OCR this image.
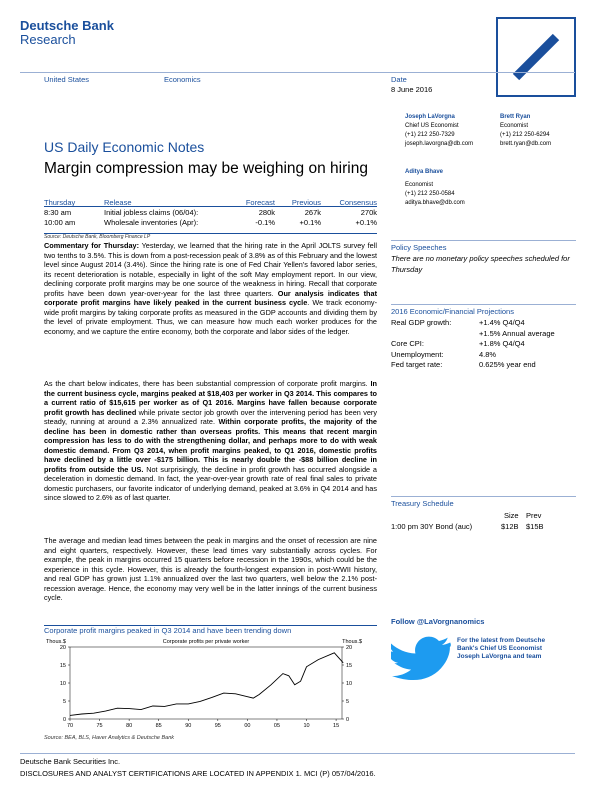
Deutsche Bank
Research
United States	Economics	Date
8 June 2016
Joseph LaVorgna
Chief US Economist
(+1) 212 250-7329
joseph.lavorgna@db.com
Brett Ryan
Economist
(+1) 212 250-6294
brett.ryan@db.com
Aditya Bhave
Economist
(+1) 212 250-0584
aditya.bhave@db.com
US Daily Economic Notes
Margin compression may be weighing on hiring
Thursday	Release	Forecast	Previous	Consensus
8:30 am	Initial jobless claims (06/04):	280k	267k	270k
10:00 am	Wholesale inventories (Apr):	-0.1%	+0.1%	+0.1%
Source: Deutsche Bank, Bloomberg Finance LP
Commentary for Thursday: Yesterday, we learned that the hiring rate in the April JOLTS survey fell two tenths to 3.5%. This is down from a post-recession peak of 3.8% as of this February and the lowest level since August 2014 (3.4%). Since the hiring rate is one of Fed Chair Yellen's favored labor series, its recent deterioration is notable, especially in light of the soft May employment report. In our view, declining corporate profit margins may be one source of the weakness in hiring. Recall that corporate profits have been down year-over-year for the last three quarters. Our analysis indicates that corporate profit margins have likely peaked in the current business cycle. We track economy-wide profit margins by taking corporate profits as measured in the GDP accounts and dividing them by the level of private employment. Thus, we can measure how much each worker produces for the economy, and we capture the entire economy, both the corporate and labor sides of the ledger.
As the chart below indicates, there has been substantial compression of corporate profit margins. In the current business cycle, margins peaked at $18,403 per worker in Q3 2014. This compares to a current ratio of $15,615 per worker as of Q1 2016. Margins have fallen because corporate profit growth has declined while private sector job growth over the intervening period has been very steady, running at around a 2.3% annualized rate. Within corporate profits, the majority of the decline has been in domestic rather than overseas profits. This means that recent margin compression has less to do with the strengthening dollar, and perhaps more to do with weak domestic demand. From Q3 2014, when profit margins peaked, to Q1 2016, domestic profits have declined by a little over -$175 billion. This is nearly double the -$88 billion decline in profits from outside the US. Not surprisingly, the decline in profit growth has occurred alongside a deceleration in domestic demand. In fact, the year-over-year growth rate of real final sales to private domestic purchasers, our favorite indicator of underlying demand, peaked at 3.6% in Q4 2014 and has since slowed to 2.6% as of last quarter.
The average and median lead times between the peak in margins and the onset of recession are nine and eight quarters, respectively. However, these lead times vary substantially across cycles. For example, the peak in margins occurred 15 quarters before recession in the 1990s, which could be the experience in this cycle. However, this is already the fourth-longest expansion in post-WWII history, and real GDP has grown just 1.1% annualized over the last two quarters, well below the 2.1% post-recession average. Hence, the economy may very well be in the latter innings of the current business cycle.
Policy Speeches
There are no monetary policy speeches scheduled for Thursday
2016 Economic/Financial Projections
Real GDP growth:	+1.4% Q4/Q4
+1.5% Annual average
Core CPI:	+1.8% Q4/Q4
Unemployment:	4.8%
Fed target rate:	0.625% year end
Treasury Schedule
Size Prev
1:00 pm 30Y Bond (auc)	$12B $15B
Follow @LaVorgnanomics
For the latest from Deutsche Bank's Chief US Economist Joseph LaVorgna and team
Corporate profit margins peaked in Q3 2014 and have been trending down
Thous.$	Thous.$
Corporate profits per private worker
0	0
5	5
10	10
15	15
20	20
70	75	80	85	90	95	00	05	10	15
Source: BEA, BLS, Haver Analytics & Deutsche Bank
Deutsche Bank Securities Inc.
DISCLOSURES AND ANALYST CERTIFICATIONS ARE LOCATED IN APPENDIX 1. MCI (P) 057/04/2016.
